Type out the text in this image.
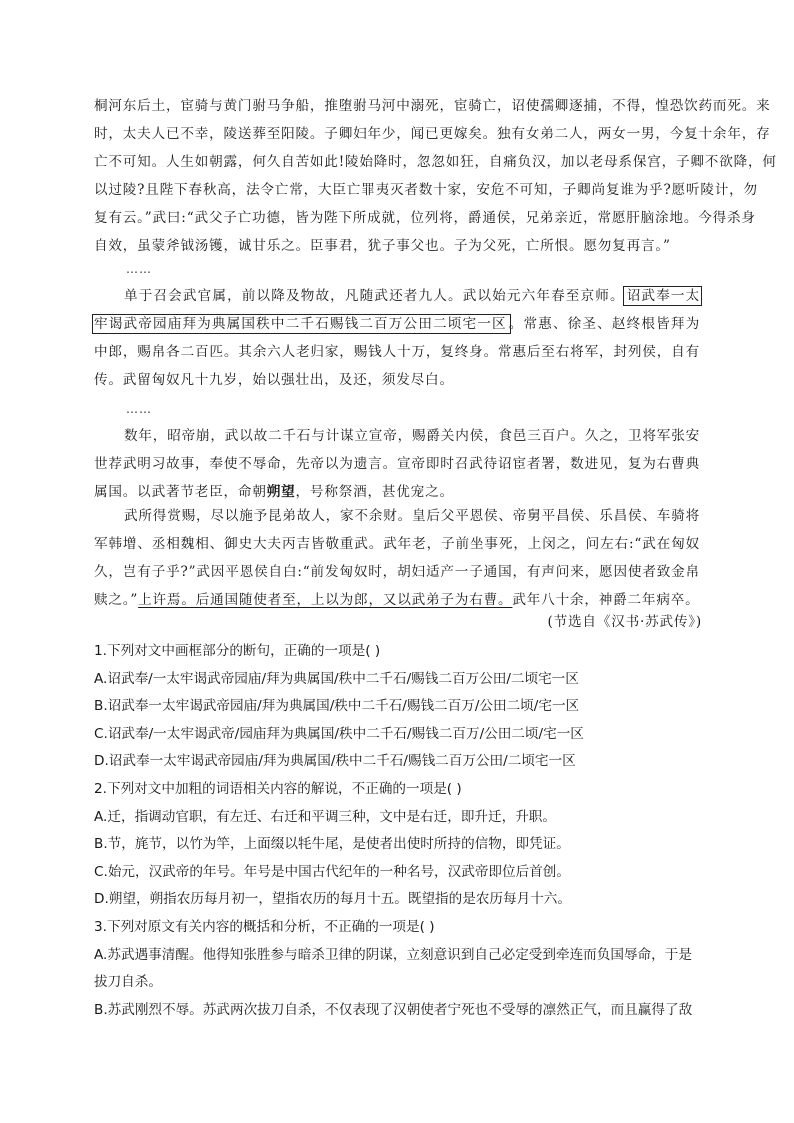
桐河东后土，宦骑与黄门驸马争船，推堕驸马河中溺死，宦骑亡，诏使孺卿逐捕，不得，惶恐饮药而死。来
时，太夫人已不幸，陵送葬至阳陵。子卿妇年少，闻已更嫁矣。独有女弟二人，两女一男，今复十余年，存
亡不可知。人生如朝露，何久自苦如此!陵始降时，忽忽如狂，自痛负汉，加以老母系保宫，子卿不欲降，何
以过陵?且陛下春秋高，法令亡常，大臣亡罪夷灭者数十家，安危不可知，子卿尚复谁为乎?愿听陵计，勿
复有云。”武曰:“武父子亡功德，皆为陛下所成就，位列将，爵通侯，兄弟亲近，常愿肝脑涂地。今得杀身
自效，虽蒙斧钺汤镬，诚甘乐之。臣事君，犹子事父也。子为父死，亡所恨。愿勿复再言。”
……
单于召会武官属，前以降及物故，凡随武还者九人。武以始元六年春至京师。 诏武奉一太牢谒武帝园庙拜为典属国秩中二千石赐钱二百万公田二顷宅一区 。常惠、徐圣、赵终根皆拜为中郎，赐帛各二百匹。其余六人老归家，赐钱人十万，复终身。常惠后至右将军，封列侯，自有传。武留匈奴凡十九岁，始以强壮出，及还，须发尽白。
……
数年，昭帝崩，武以故二千石与计谋立宣帝，赐爵关内侯，食邑三百户。久之，卫将军张安世荐武明习故事，奉使不辱命，先帝以为遗言。宣帝即时召武待诏宦者署，数进见，复为右曹典属国。以武著节老臣，命朝朔望，号称祭酒，甚优宠之。
武所得赏赐，尽以施予昆弟故人，家不余财。皇后父平恩侯、帝舅平昌侯、乐昌侯、车骑将军韩增、丞相魏相、御史大夫丙吉皆敬重武。武年老，子前坐事死，上闵之，问左右:“武在匈奴久，岂有子乎?”武因平恩侯自白:“前发匈奴时，胡妇适产一子通国，有声问来，愿因使者致金帛赎之。”上许焉。后通国随使者至，上以为郎，又以武弟子为右曹。武年八十余，神爵二年病卒。
(节选自《汉书·苏武传》)
1.下列对文中画框部分的断句，正确的一项是( )
A.诏武奉/一太牢谒武帝园庙/拜为典属国/秩中二千石/赐钱二百万公田/二顷宅一区
B.诏武奉一太牢谒武帝园庙/拜为典属国/秩中二千石/赐钱二百万/公田二顷/宅一区
C.诏武奉/一太牢谒武帝/园庙拜为典属国/秩中二千石/赐钱二百万/公田二顷/宅一区
D.诏武奉一太牢谒武帝园庙/拜为典属国/秩中二千石/赐钱二百万公田/二顷宅一区
2.下列对文中加粗的词语相关内容的解说，不正确的一项是( )
A.迁，指调动官职，有左迁、右迁和平调三种，文中是右迁，即升迁，升职。
B.节，旄节，以竹为竿，上面缀以牦牛尾，是使者出使时所持的信物，即凭证。
C.始元，汉武帝的年号。年号是中国古代纪年的一种名号，汉武帝即位后首创。
D.朔望，朔指农历每月初一，望指农历的每月十五。既望指的是农历每月十六。
3.下列对原文有关内容的概括和分析，不正确的一项是( )
A.苏武遇事清醒。他得知张胜参与暗杀卫律的阴谋，立刻意识到自己必定受到牵连而负国辱命，于是拔刀自杀。
B.苏武刚烈不辱。苏武两次拔刀自杀，不仅表现了汉朝使者宁死也不受辱的凛然正气，而且赢得了敌
